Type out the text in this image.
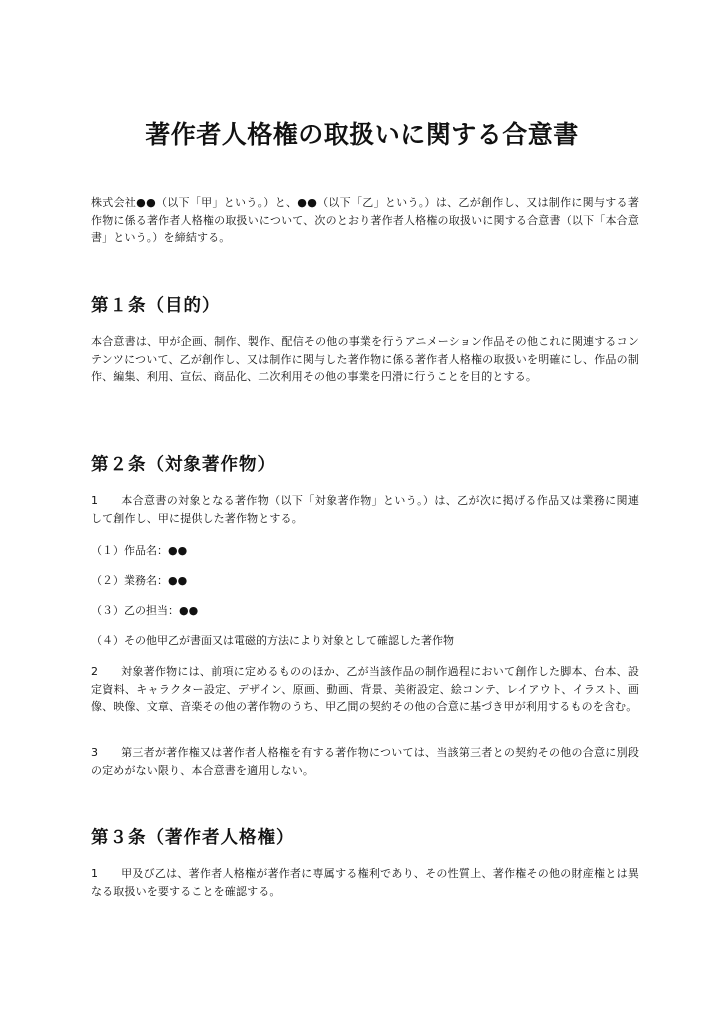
著作者人格権の取扱いに関する合意書
株式会社●●（以下「甲」という。）と、●●（以下「乙」という。）は、乙が創作し、又は制作に関与する著作物に係る著作者人格権の取扱いについて、次のとおり著作者人格権の取扱いに関する合意書（以下「本合意書」という。）を締結する。
第１条（目的）
本合意書は、甲が企画、制作、製作、配信その他の事業を行うアニメーション作品その他これに関連するコンテンツについて、乙が創作し、又は制作に関与した著作物に係る著作者人格権の取扱いを明確にし、作品の制作、編集、利用、宣伝、商品化、二次利用その他の事業を円滑に行うことを目的とする。
第２条（対象著作物）
1 本合意書の対象となる著作物（以下「対象著作物」という。）は、乙が次に掲げる作品又は業務に関連して創作し、甲に提供した著作物とする。
（１）作品名：●●
（２）業務名：●●
（３）乙の担当：●●
（４）その他甲乙が書面又は電磁的方法により対象として確認した著作物
2 対象著作物には、前項に定めるもののほか、乙が当該作品の制作過程において創作した脚本、台本、設定資料、キャラクター設定、デザイン、原画、動画、背景、美術設定、絵コンテ、レイアウト、イラスト、画像、映像、文章、音楽その他の著作物のうち、甲乙間の契約その他の合意に基づき甲が利用するものを含む。
3 第三者が著作権又は著作者人格権を有する著作物については、当該第三者との契約その他の合意に別段の定めがない限り、本合意書を適用しない。
第３条（著作者人格権）
1 甲及び乙は、著作者人格権が著作者に専属する権利であり、その性質上、著作権その他の財産権とは異なる取扱いを要することを確認する。
